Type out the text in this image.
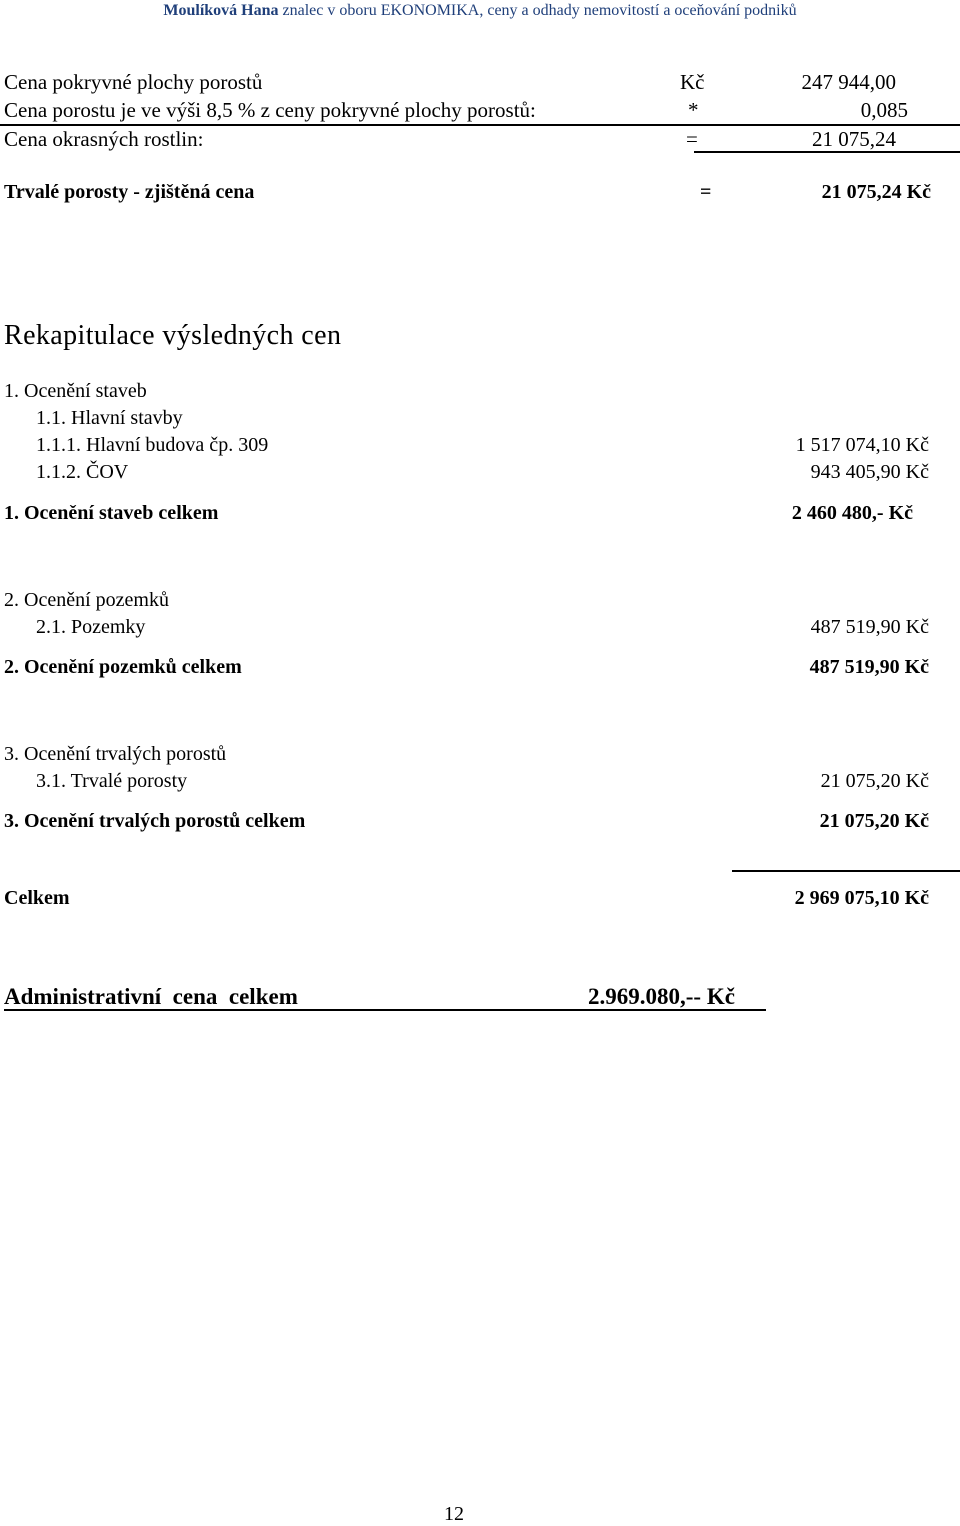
Moulíková Hana znalec v oboru EKONOMIKA, ceny a odhady nemovitostí a oceňování podniků
Cena pokryvné plochy porostů	Kč	247 944,00
Cena porostu je ve výši 8,5 % z ceny pokryvné plochy porostů:	*	0,085
Cena okrasných rostlin:	=	21 075,24
Trvalé porosty - zjištěná cena	=	21 075,24 Kč
Rekapitulace výsledných cen
1. Ocenění staveb
1.1. Hlavní stavby
1.1.1. Hlavní budova čp. 309	1 517 074,10 Kč
1.1.2. ČOV	943 405,90 Kč
1. Ocenění staveb celkem	2 460 480,- Kč
2. Ocenění pozemků
2.1. Pozemky	487 519,90 Kč
2. Ocenění pozemků celkem	487 519,90 Kč
3. Ocenění trvalých porostů
3.1. Trvalé porosty	21 075,20 Kč
3. Ocenění trvalých porostů celkem	21 075,20 Kč
Celkem	2 969 075,10 Kč
Administrativní  cena  celkem	2.969.080,-- Kč
12
